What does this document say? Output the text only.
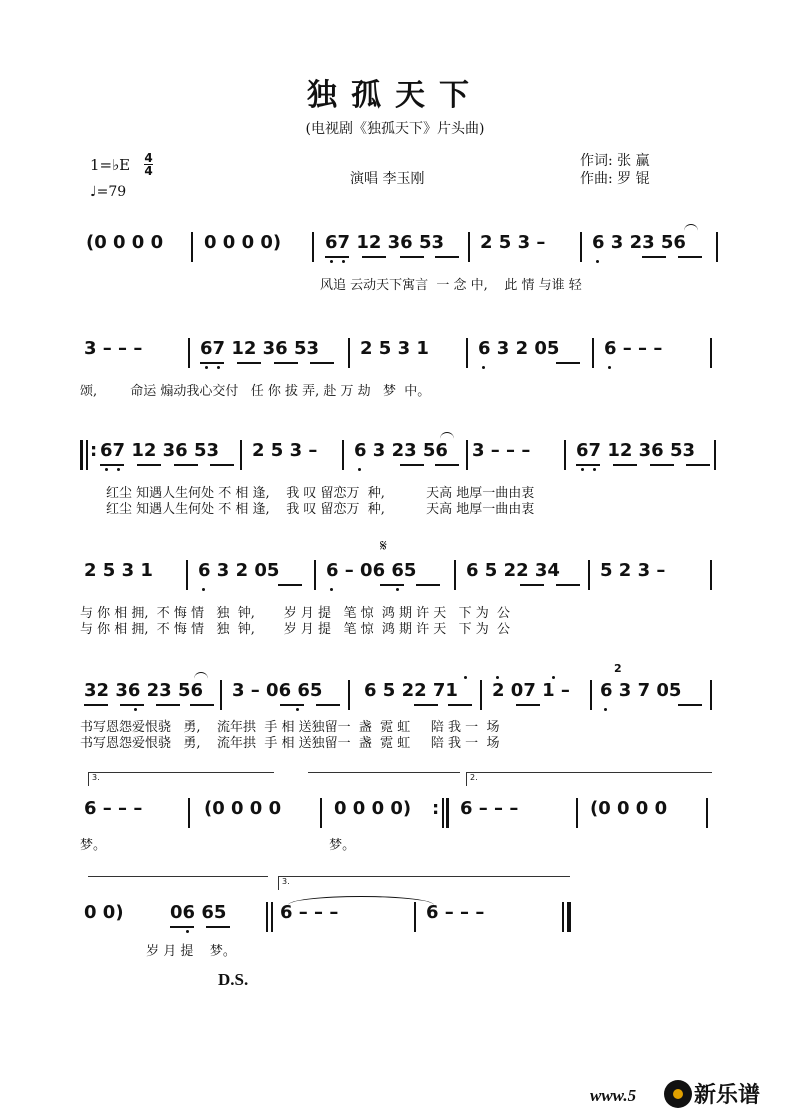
独孤天下
(电视剧《独孤天下》片头曲)
1=♭E 4
4
♩=79
演唱 李玉刚
作词: 张 赢
作曲: 罗 锟
(0 0 0 0 0 0 0 0) 67 12 36 53 2 5 3 –	6 3 23 56
风追 云动天下寓言  一 念 中,    此 情 与谁 轻
3 – – –	67 12 36 53 2 5 3 1	6 3 2 05 6 – – –
颂,        命运 煽动我心交付   任 你 拔 弄, 赴 万 劫   梦  中。
: 67 12 36 53 2 5 3 – 6 3 23 56 3 – – –	67 12 36 53
红尘 知遇人生何处 不 相 逢,    我 叹 留恋万  种,          天高 地厚一曲由衷
红尘 知遇人生何处 不 相 逢,    我 叹 留恋万  种,          天高 地厚一曲由衷
𝄋
2 5 3 1	6 3 2 05	6 – 06 65	6 5 22 34 5 2 3 –
与 你 相 拥,  不 悔 情   独  钟,       岁 月 提   笔 惊  鸿 期 许 天   下 为  公
与 你 相 拥,  不 悔 情   独  钟,       岁 月 提   笔 惊  鸿 期 许 天   下 为  公
32 36 23 56 3 – 06 65 6 5 22 71 2 07 1 – 6 3 7 05
2
书写恩怨爱恨骁   勇,    流年拱  手 相 送独留一  盏  霓 虹     陪 我 一  场
书写恩怨爱恨骁   勇,    流年拱  手 相 送独留一  盏  霓 虹     陪 我 一  场
3.	2.
6 – – –	(0 0 0 0	0 0 0 0) : 6 – – –	(0 0 0 0
梦。                                                      梦。
3.
0 0)	06 65	6 – – –	6 – – –
岁 月 提    梦。
D.S.
www.5	新乐谱
